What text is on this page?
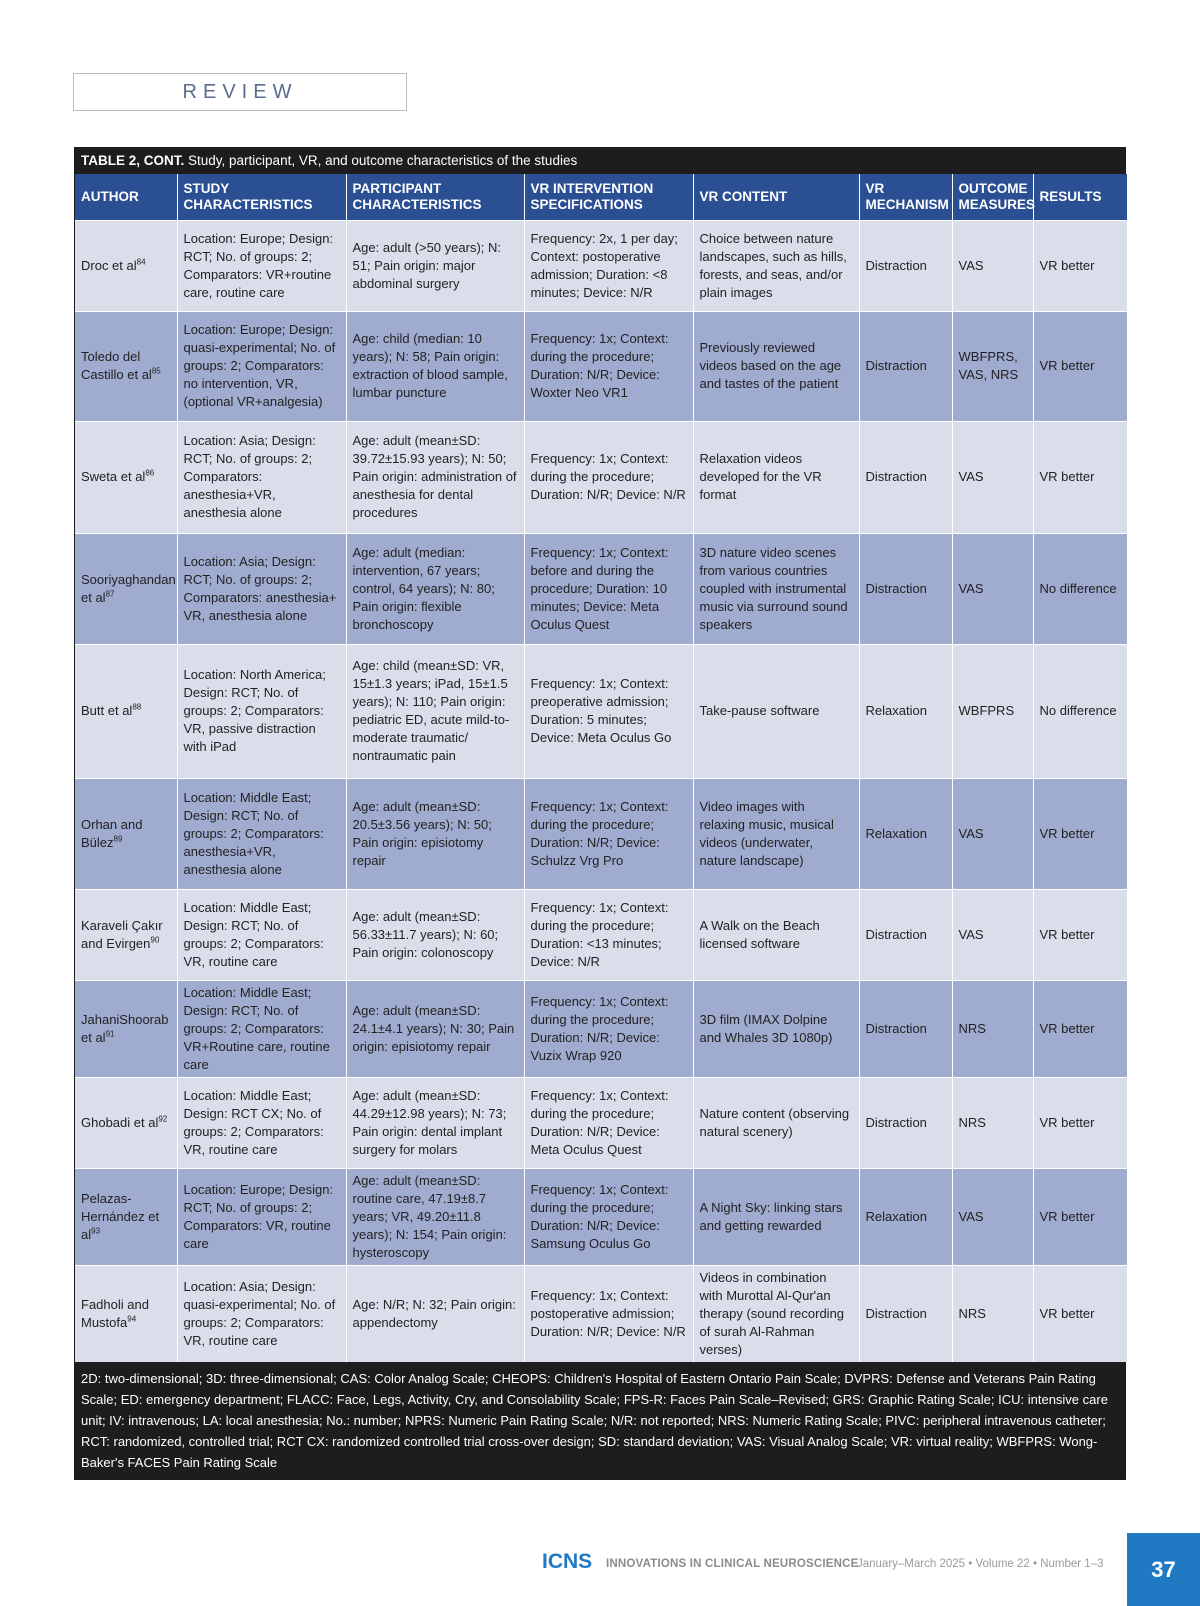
REVIEW
TABLE 2, CONT. Study, participant, VR, and outcome characteristics of the studies
AUTHOR	STUDY CHARACTERISTICS	PARTICIPANT CHARACTERISTICS	VR INTERVENTION SPECIFICATIONS	VR CONTENT	VR MECHANISM	OUTCOME MEASURES	RESULTS
Droc et $al^{84}$	Location: Europe; Design: RCT; No. of groups: 2; Comparators: VR+routine care, routine care	Age: adult (>50 years); N: 51; Pain origin: major abdominal surgery	Frequency: 2x, 1 per day; Context: postoperative admission; Duration: <8 minutes; Device: N/R	Choice between nature landscapes, such as hills, forests, and seas, and/or plain images	Distraction	VAS	VR better
Toledo del Castillo et $al^{85}$	Location: Europe; Design: quasi-experimental; No. of groups: 2; Comparators: no intervention, VR, (optional VR+analgesia)	Age: child (median: 10 years); N: 58; Pain origin: extraction of blood sample, lumbar puncture	Frequency: 1x; Context: during the procedure; Duration: N/R; Device: Woxter Neo VR1	Previously reviewed videos based on the age and tastes of the patient	Distraction	WBFPRS, VAS, NRS	VR better
Sweta et $al^{86}$	Location: Asia; Design: RCT; No. of groups: 2; Comparators: anesthesia+VR, anesthesia alone	Age: adult (mean±SD: 39.72±15.93 years); N: 50; Pain origin: administration of anesthesia for dental procedures	Frequency: 1x; Context: during the procedure; Duration: N/R; Device: N/R	Relaxation videos developed for the VR format	Distraction	VAS	VR better
Sooriyaghandan et $al^{87}$	Location: Asia; Design: RCT; No. of groups: 2; Comparators: anesthesia+ VR, anesthesia alone	Age: adult (median: intervention, 67 years; control, 64 years); N: 80; Pain origin: flexible bronchoscopy	Frequency: 1x; Context: before and during the procedure; Duration: 10 minutes; Device: Meta Oculus Quest	3D nature video scenes from various countries coupled with instrumental music via surround sound speakers	Distraction	VAS	No difference
Butt et $al^{88}$	Location: North America; Design: RCT; No. of groups: 2; Comparators: VR, passive distraction with iPad	Age: child (mean±SD: VR, 15±1.3 years; iPad, 15±1.5 years); N: 110; Pain origin: pediatric ED, acute mild-to-moderate traumatic/ nontraumatic pain	Frequency: 1x; Context: preoperative admission; Duration: 5 minutes; Device: Meta Oculus Go	Take-pause software	Relaxation	WBFPRS	No difference
Orhan and Bülez$^{89}$	Location: Middle East; Design: RCT; No. of groups: 2; Comparators: anesthesia+VR, anesthesia alone	Age: adult (mean±SD: 20.5±3.56 years); N: 50; Pain origin: episiotomy repair	Frequency: 1x; Context: during the procedure; Duration: N/R; Device: Schulzz Vrg Pro	Video images with relaxing music, musical videos (underwater, nature landscape)	Relaxation	VAS	VR better
Karaveli Çakır and Evirgen$^{90}$	Location: Middle East; Design: RCT; No. of groups: 2; Comparators: VR, routine care	Age: adult (mean±SD: 56.33±11.7 years); N: 60; Pain origin: colonoscopy	Frequency: 1x; Context: during the procedure; Duration: <13 minutes; Device: N/R	A Walk on the Beach licensed software	Distraction	VAS	VR better
JahaniShoorab et $al^{91}$	Location: Middle East; Design: RCT; No. of groups: 2; Comparators: VR+Routine care, routine care	Age: adult (mean±SD: 24.1±4.1 years); N: 30; Pain origin: episiotomy repair	Frequency: 1x; Context: during the procedure; Duration: N/R; Device: Vuzix Wrap 920	3D film (IMAX Dolpine and Whales 3D 1080p)	Distraction	NRS	VR better
Ghobadi et $al^{92}$	Location: Middle East; Design: RCT CX; No. of groups: 2; Comparators: VR, routine care	Age: adult (mean±SD: 44.29±12.98 years); N: 73; Pain origin: dental implant surgery for molars	Frequency: 1x; Context: during the procedure; Duration: N/R; Device: Meta Oculus Quest	Nature content (observing natural scenery)	Distraction	NRS	VR better
Pelazas-Hernández et $al^{93}$	Location: Europe; Design: RCT; No. of groups: 2; Comparators: VR, routine care	Age: adult (mean±SD: routine care, 47.19±8.7 years; VR, 49.20±11.8 years); N: 154; Pain origin: hysteroscopy	Frequency: 1x; Context: during the procedure; Duration: N/R; Device: Samsung Oculus Go	A Night Sky: linking stars and getting rewarded	Relaxation	VAS	VR better
Fadholi and Mustofa$^{94}$	Location: Asia; Design: quasi-experimental; No. of groups: 2; Comparators: VR, routine care	Age: N/R; N: 32; Pain origin: appendectomy	Frequency: 1x; Context: postoperative admission; Duration: N/R; Device: N/R	Videos in combination with Murottal Al-Qur'an therapy (sound recording of surah Al-Rahman verses)	Distraction	NRS	VR better
2D: two-dimensional; 3D: three-dimensional; CAS: Color Analog Scale; CHEOPS: Children's Hospital of Eastern Ontario Pain Scale; DVPRS: Defense and Veterans Pain Rating Scale; ED: emergency department; FLACC: Face, Legs, Activity, Cry, and Consolability Scale; FPS-R: Faces Pain Scale–Revised; GRS: Graphic Rating Scale; ICU: intensive care unit; IV: intravenous; LA: local anesthesia; No.: number; NPRS: Numeric Pain Rating Scale; N/R: not reported; NRS: Numeric Rating Scale; PIVC: peripheral intravenous catheter; RCT: randomized, controlled trial; RCT CX: randomized controlled trial cross-over design; SD: standard deviation; VAS: Visual Analog Scale; VR: virtual reality; WBFPRS: Wong-Baker's FACES Pain Rating Scale
ICNS INNOVATIONS IN CLINICAL NEUROSCIENCE
January–March 2025 • Volume 22 • Number 1–3 37
